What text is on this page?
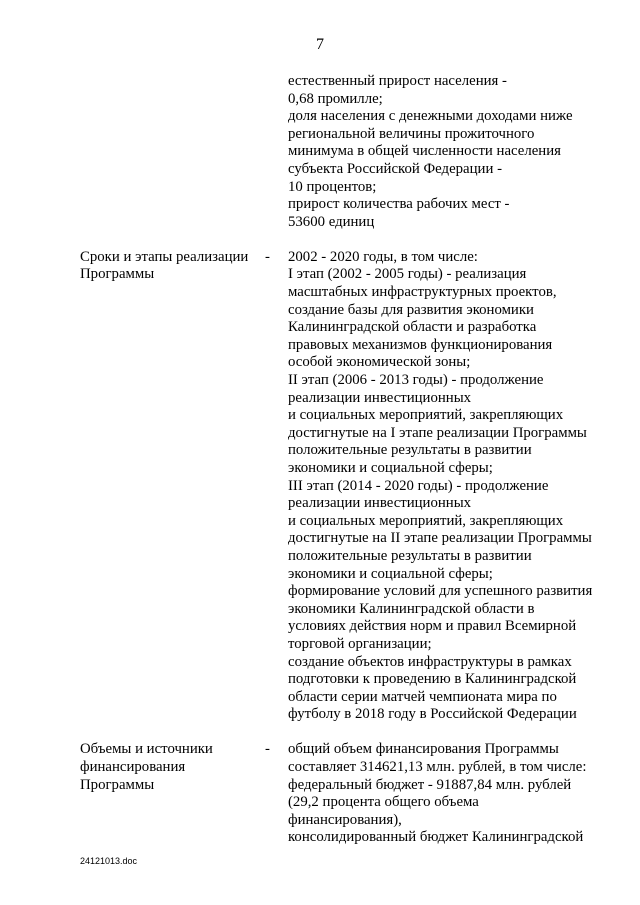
7
естественный прирост населения -
0,68 промилле;
доля населения с денежными доходами ниже
региональной величины прожиточного
минимума в общей численности населения
субъекта Российской Федерации -
10 процентов;
прирост количества рабочих мест -
53600 единиц
Сроки и этапы реализации
Программы
-	2002 - 2020 годы, в том числе:
I этап (2002 - 2005 годы) - реализация
масштабных инфраструктурных проектов,
создание базы для развития экономики
Калининградской области и разработка
правовых механизмов функционирования
особой экономической зоны;
II этап (2006 - 2013 годы) - продолжение
реализации инвестиционных
и социальных мероприятий, закрепляющих
достигнутые на I этапе реализации Программы
положительные результаты в развитии
экономики и социальной сферы;
III этап (2014 - 2020 годы) - продолжение
реализации инвестиционных
и социальных мероприятий, закрепляющих
достигнутые на II этапе реализации Программы
положительные результаты в развитии
экономики и социальной сферы;
формирование условий для успешного развития
экономики Калининградской области в
условиях действия норм и правил Всемирной
торговой организации;
создание объектов инфраструктуры в рамках
подготовки к проведению в Калининградской
области серии матчей чемпионата мира по
футболу в 2018 году в Российской Федерации
Объемы и источники
финансирования
Программы
-	общий объем финансирования Программы
составляет 314621,13 млн. рублей, в том числе:
федеральный бюджет - 91887,84 млн. рублей
(29,2 процента общего объема
финансирования),
консолидированный бюджет Калининградской
24121013.doc
